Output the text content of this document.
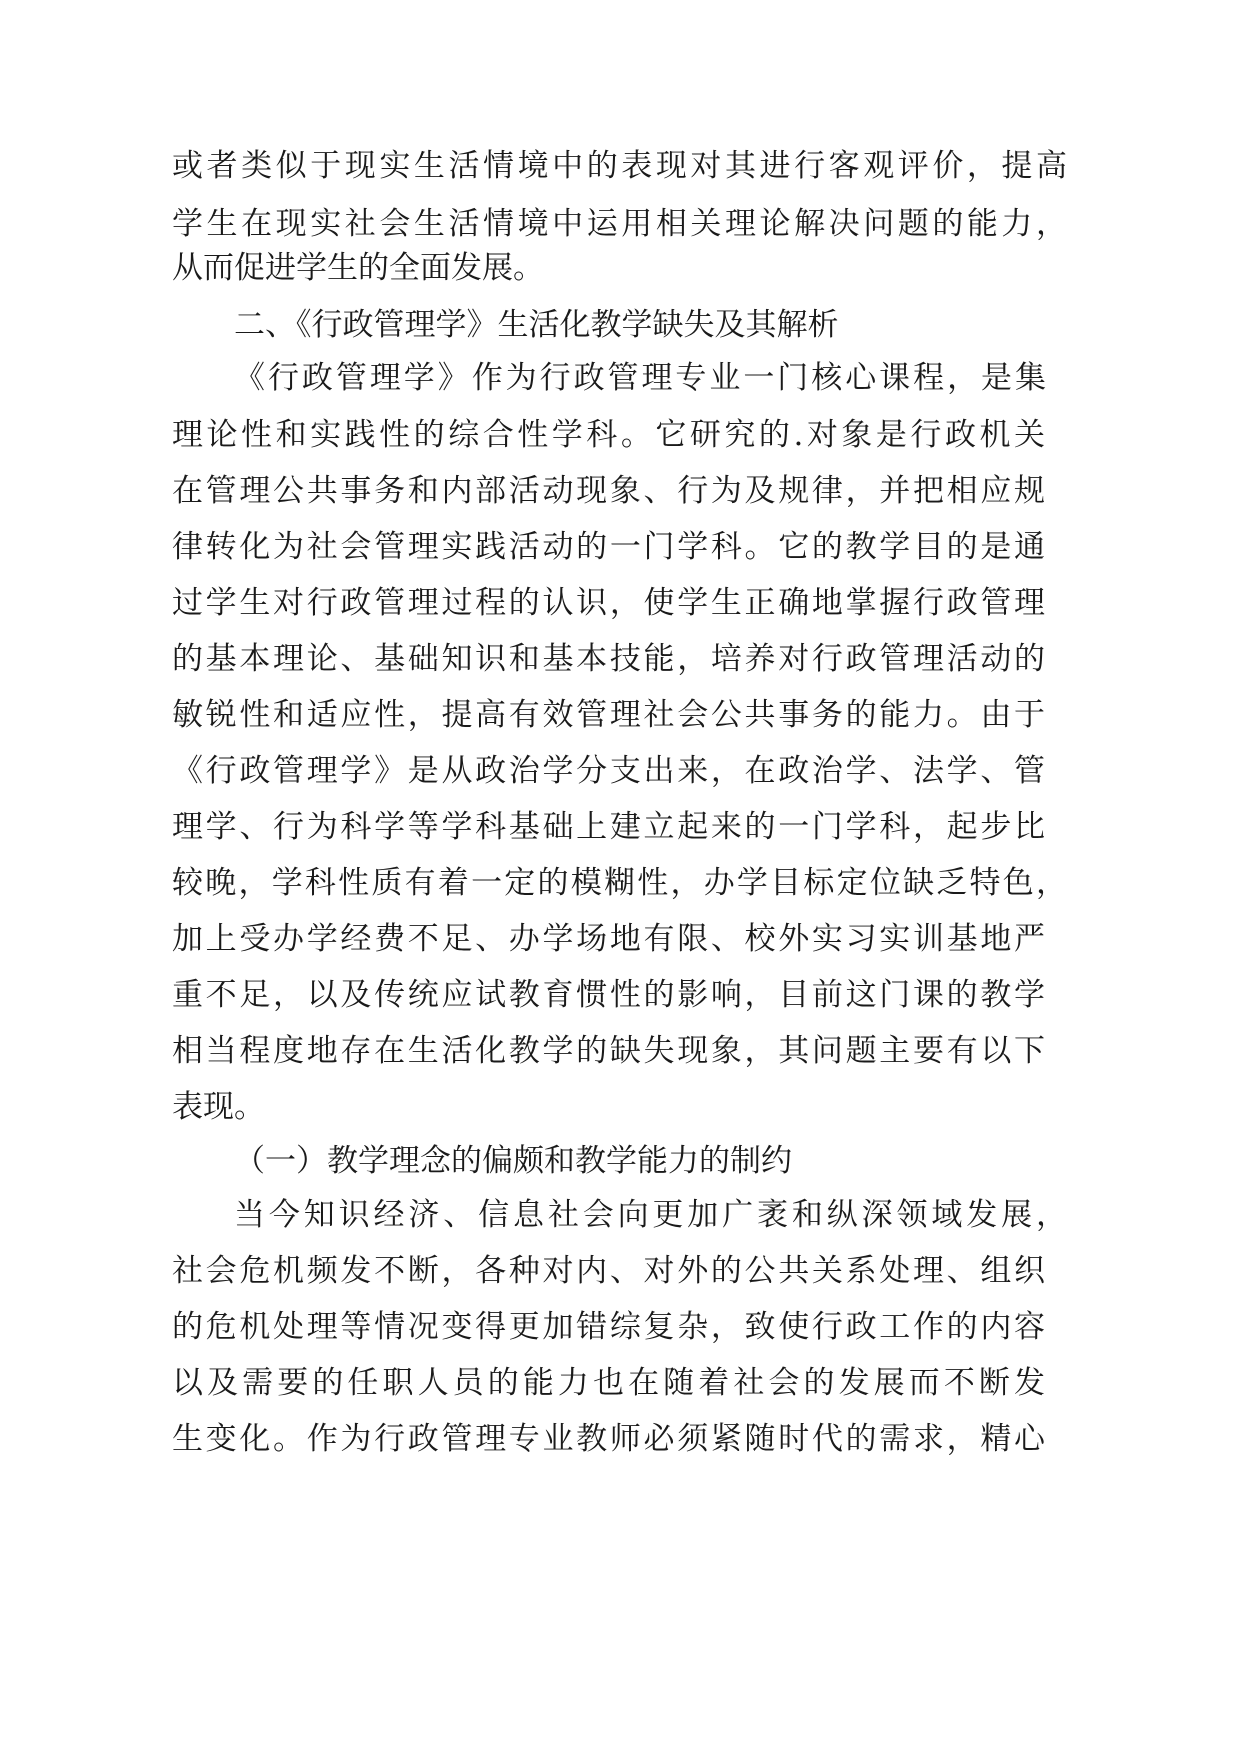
或者类似于现实生活情境中的表现对其进行客观评价，提高
学生在现实社会生活情境中运用相关理论解决问题的能力，
从而促进学生的全面发展。
二、《行政管理学》生活化教学缺失及其解析
《行政管理学》作为行政管理专业一门核心课程，是集
理论性和实践性的综合性学科。它研究的.对象是行政机关
在管理公共事务和内部活动现象、行为及规律，并把相应规
律转化为社会管理实践活动的一门学科。它的教学目的是通
过学生对行政管理过程的认识，使学生正确地掌握行政管理
的基本理论、基础知识和基本技能，培养对行政管理活动的
敏锐性和适应性，提高有效管理社会公共事务的能力。由于
《行政管理学》是从政治学分支出来，在政治学、法学、管
理学、行为科学等学科基础上建立起来的一门学科，起步比
较晚，学科性质有着一定的模糊性，办学目标定位缺乏特色，
加上受办学经费不足、办学场地有限、校外实习实训基地严
重不足，以及传统应试教育惯性的影响，目前这门课的教学
相当程度地存在生活化教学的缺失现象，其问题主要有以下
表现。
（一）教学理念的偏颇和教学能力的制约
当今知识经济、信息社会向更加广袤和纵深领域发展，
社会危机频发不断，各种对内、对外的公共关系处理、组织
的危机处理等情况变得更加错综复杂，致使行政工作的内容
以及需要的任职人员的能力也在随着社会的发展而不断发
生变化。作为行政管理专业教师必须紧随时代的需求，精心
